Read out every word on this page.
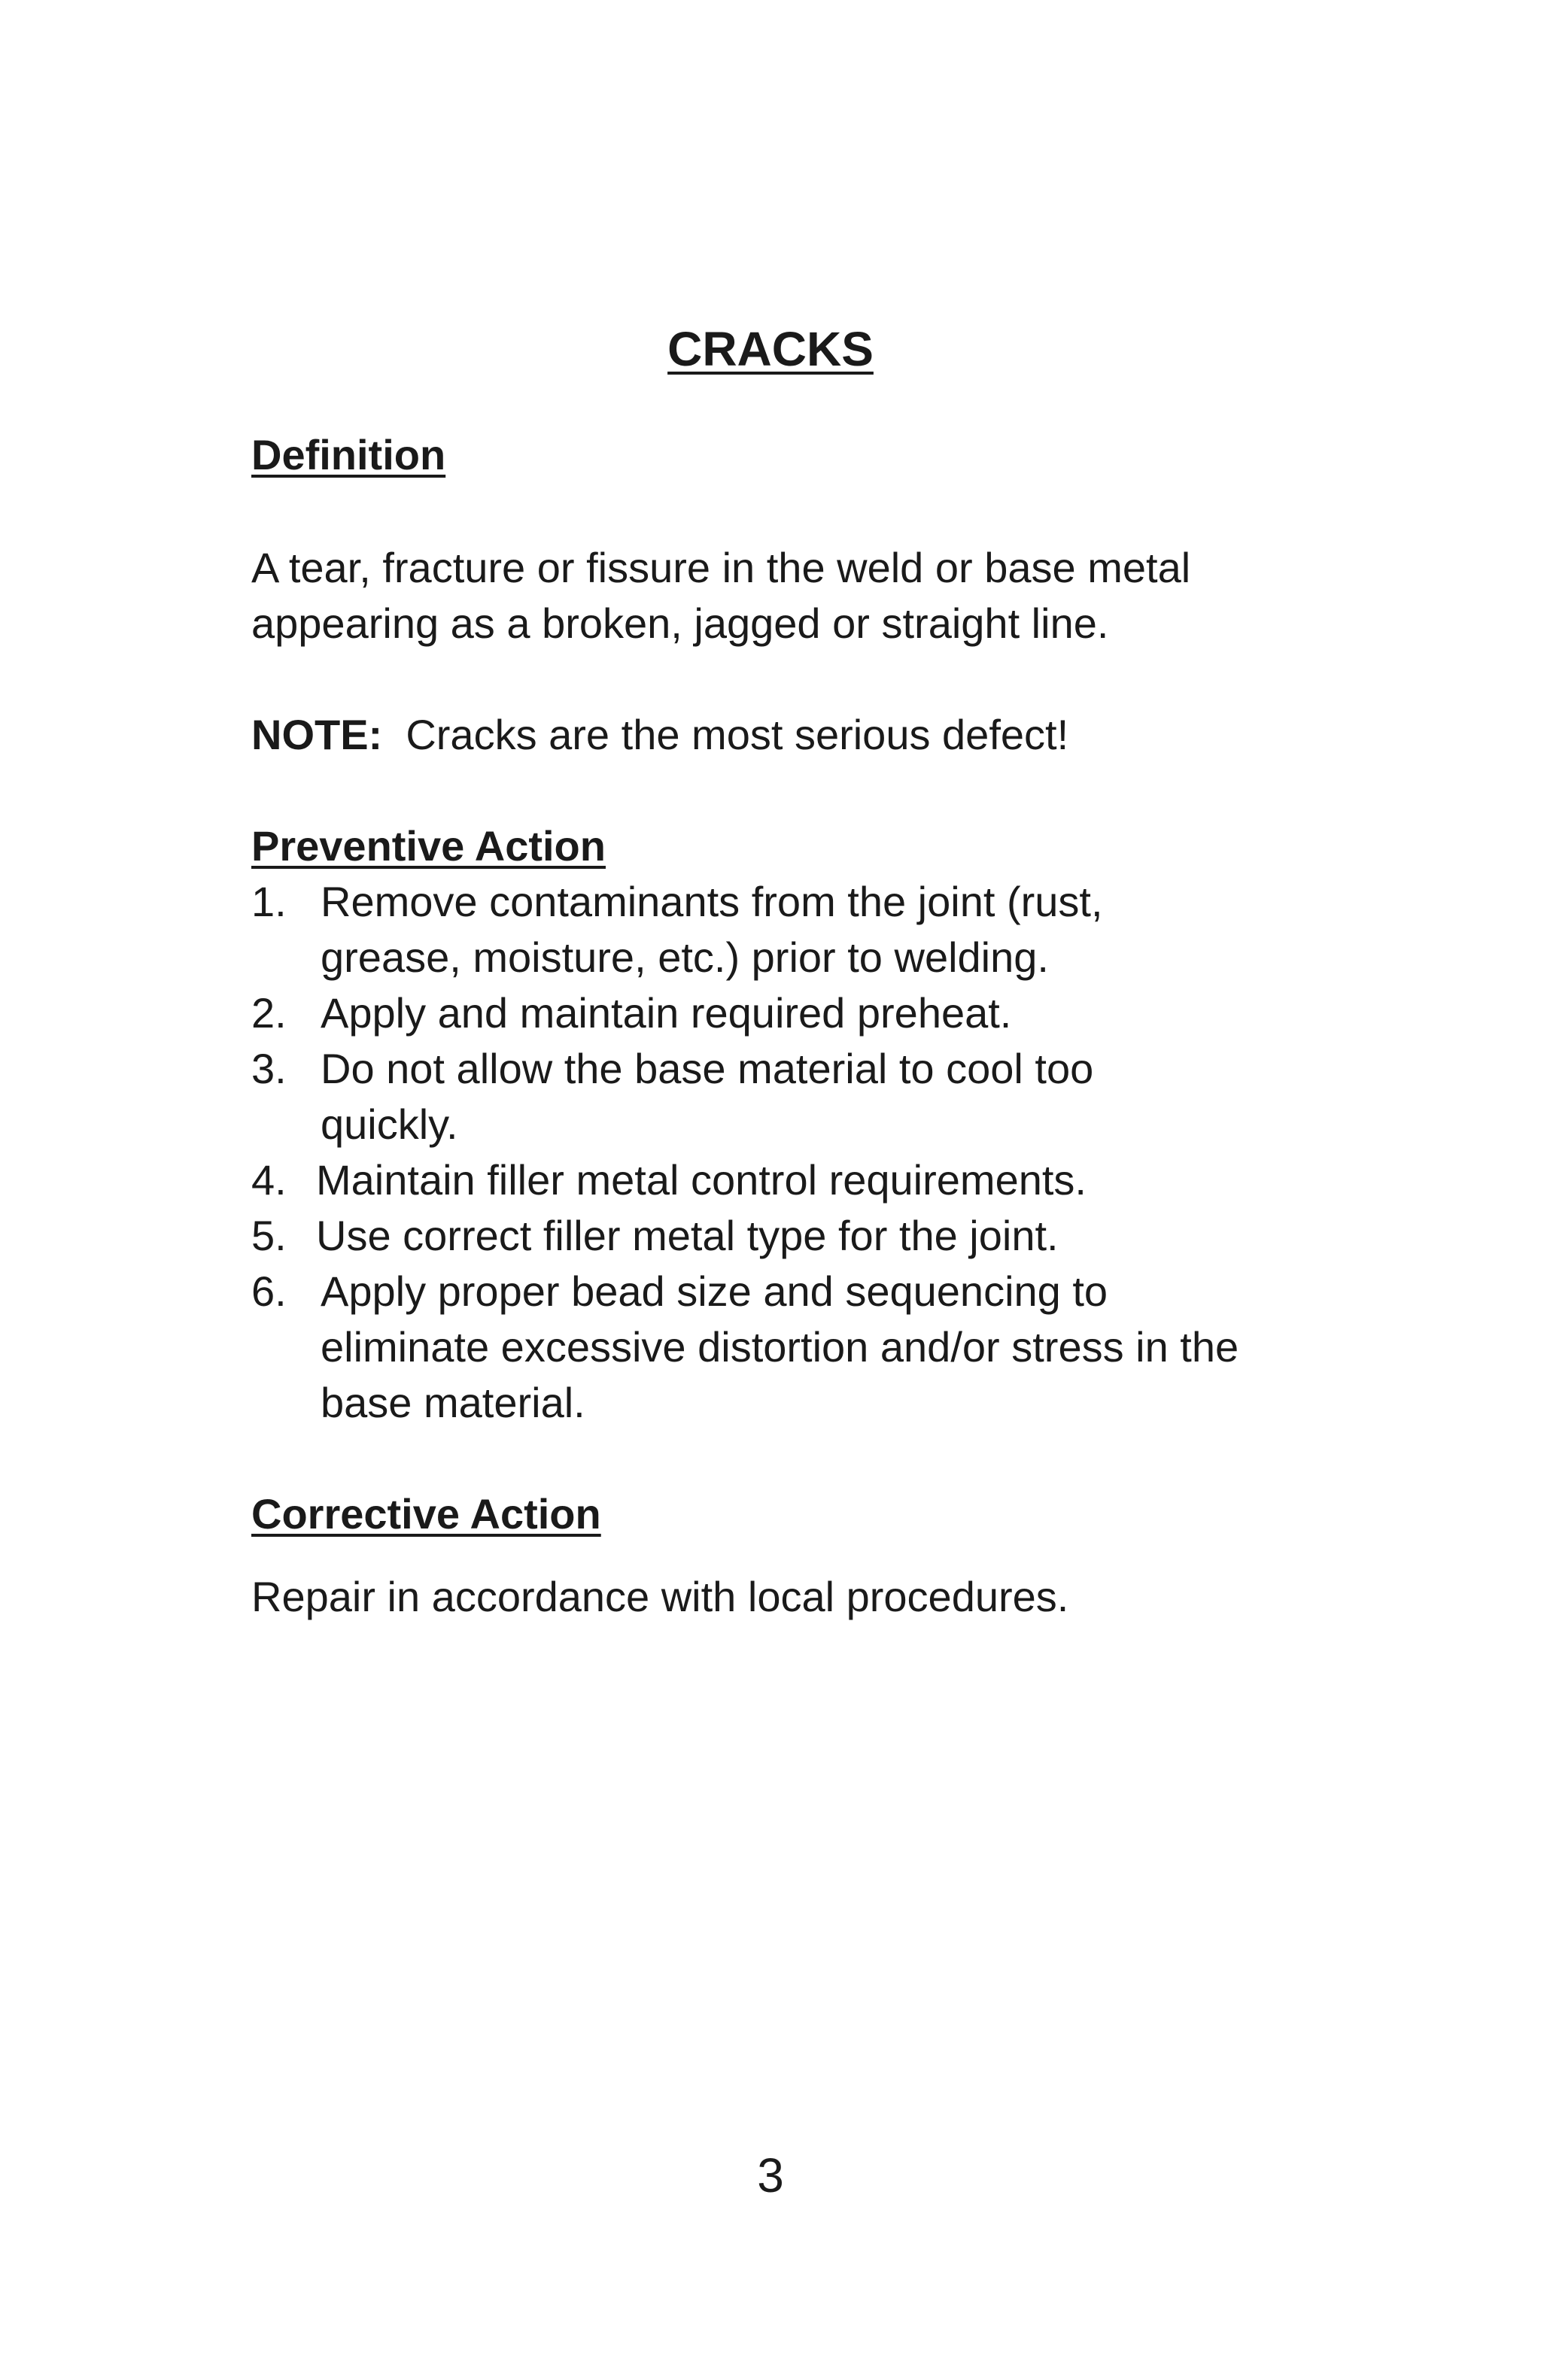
CRACKS
Definition

A tear, fracture or fissure in the weld or base metal

appearing as a broken, jagged or straight line.

NOTE: Cracks are the most serious defect!

Preventive Action
1. Remove contaminants from the joint (rust, grease, moisture, etc.) prior to welding.
2. Apply and maintain required preheat.
3. Do not allow the base material to cool too quickly.
4. Maintain filler metal control requirements.
5. Use correct filler metal type for the joint.
6. Apply proper bead size and sequencing to eliminate excessive distortion and/or stress in the base material.
Corrective Action

Repair in accordance with local procedures.

3
